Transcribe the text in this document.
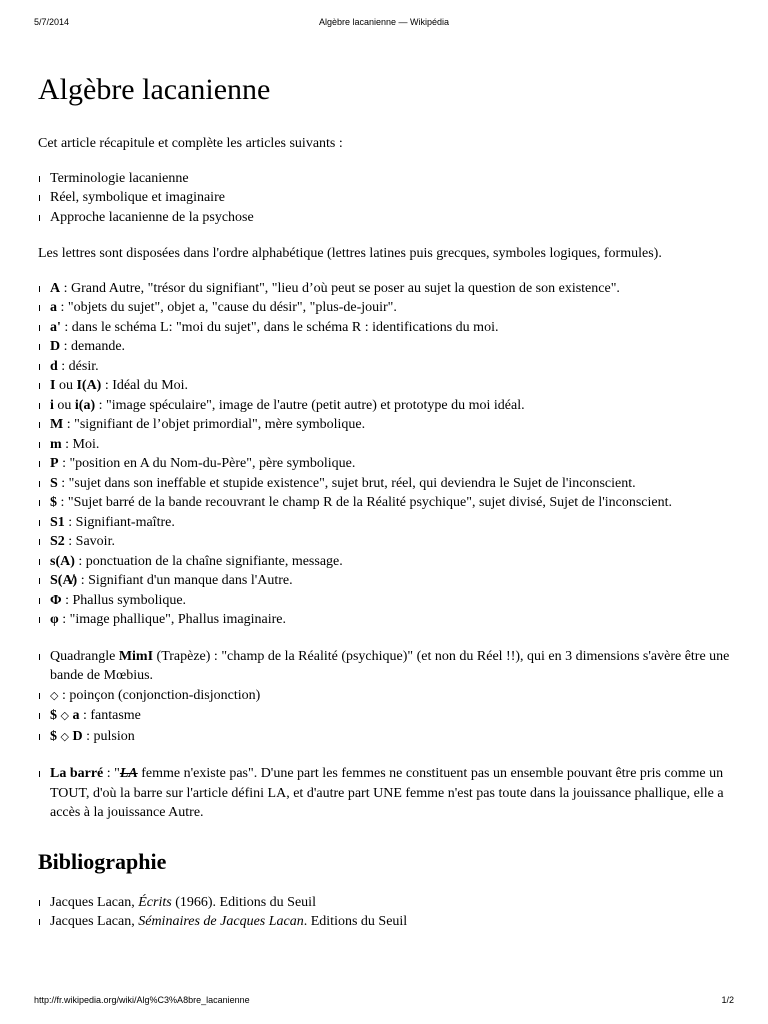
5/7/2014	Algèbre lacanienne — Wikipédia
Algèbre lacanienne

Cet article récapitule et complète les articles suivants :

Terminologie lacanienne
Réel, symbolique et imaginaire
Approche lacanienne de la psychose

Les lettres sont disposées dans l'ordre alphabétique (lettres latines puis grecques, symboles logiques, formules).

A : Grand Autre, "trésor du signifiant", "lieu d’où peut se poser au sujet la question de son existence".
a : "objets du sujet", objet a, "cause du désir", "plus-de-jouir".
a' : dans le schéma L: "moi du sujet", dans le schéma R : identifications du moi.
D : demande.
d : désir.
I ou I(A) : Idéal du Moi.
i ou i(a) : "image spéculaire", image de l'autre (petit autre) et prototype du moi idéal.
M : "signifiant de l’objet primordial", mère symbolique.
m : Moi.
P : "position en A du Nom-du-Père", père symbolique.
S : "sujet dans son ineffable et stupide existence", sujet brut, réel, qui deviendra le Sujet de l'inconscient.
$ : "Sujet barré de la bande recouvrant le champ R de la Réalité psychique", sujet divisé, Sujet de l'inconscient.
S1 : Signifiant-maître.
S2 : Savoir.
s(A) : ponctuation de la chaîne signifiante, message.
S(A̸) : Signifiant d'un manque dans l'Autre.
Φ : Phallus symbolique.
φ : "image phallique", Phallus imaginaire.
Quadrangle MimI (Trapèze) : "champ de la Réalité (psychique)" (et non du Réel !!), qui en 3 dimensions s'avère être une bande de Mœbius.
◇ : poinçon (conjonction-disjonction)
$ ◇ a : fantasme
$ ◇ D : pulsion
La barré : "LA femme n'existe pas". D'une part les femmes ne constituent pas un ensemble pouvant être pris comme un TOUT, d'où la barre sur l'article défini LA, et d'autre part UNE femme n'est pas toute dans la jouissance phallique, elle a accès à la jouissance Autre.
Bibliographie
Jacques Lacan, Écrits (1966). Editions du Seuil
Jacques Lacan, Séminaires de Jacques Lacan. Editions du Seuil
http://fr.wikipedia.org/wiki/Alg%C3%A8bre_lacanienne	1/2
